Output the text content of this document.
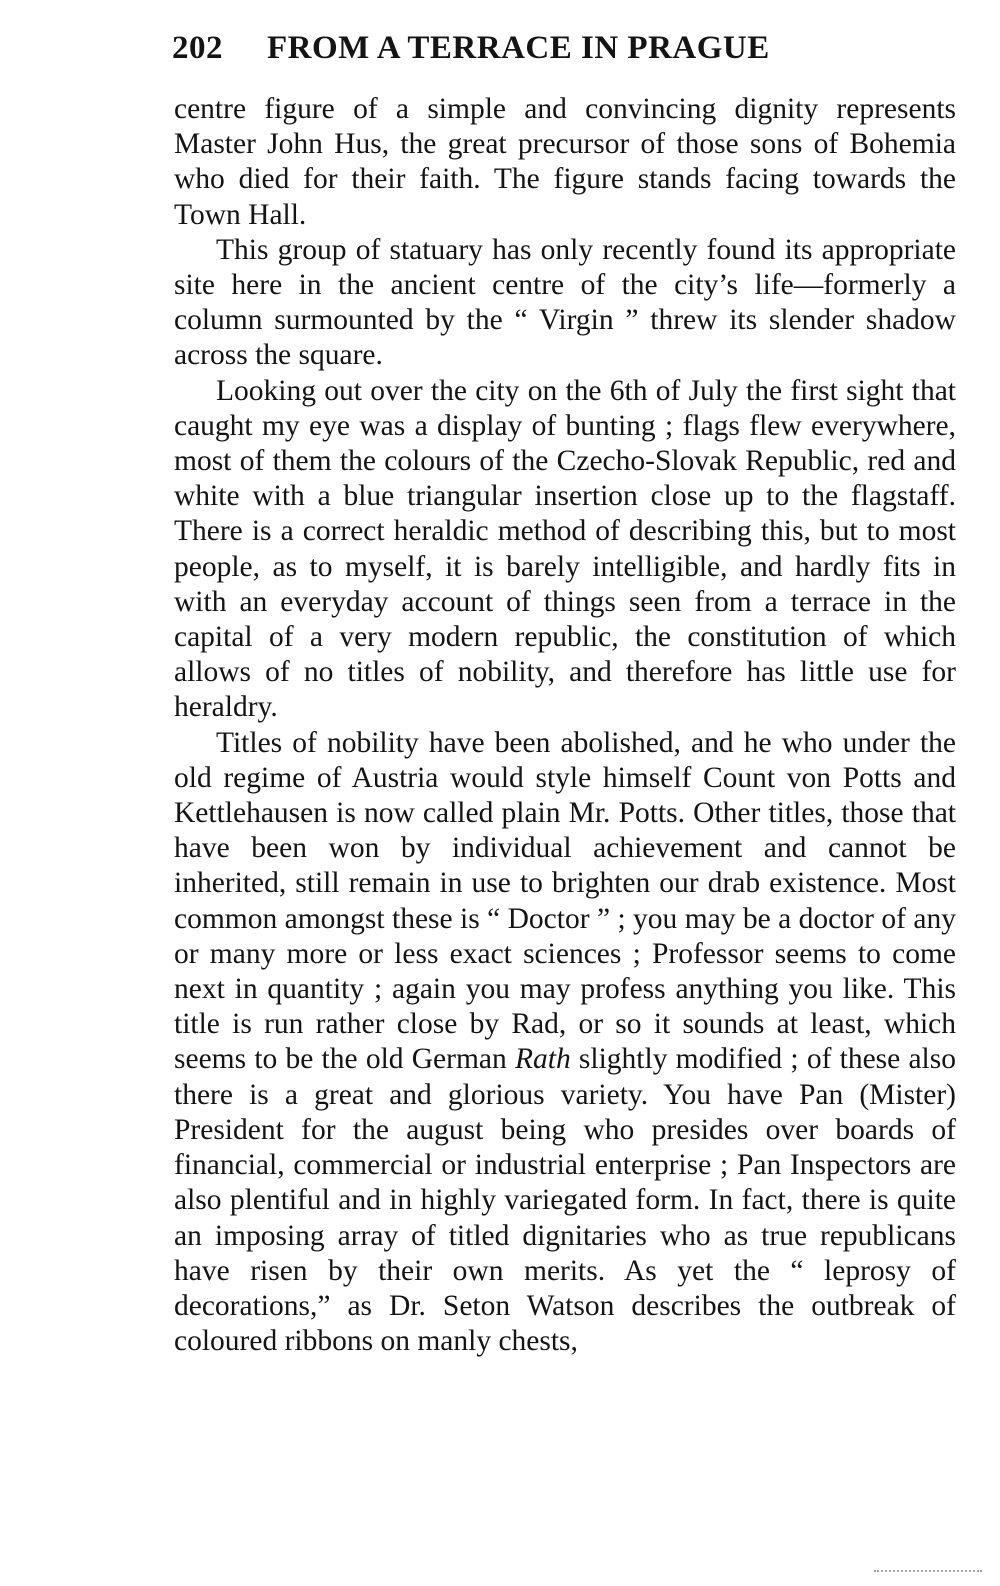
202 FROM A TERRACE IN PRAGUE

centre figure of a simple and convincing dignity represents Master John Hus, the great precursor of those sons of Bohemia who died for their faith. The figure stands facing towards the Town Hall.

This group of statuary has only recently found its appropriate site here in the ancient centre of the city’s life—formerly a column surmounted by the “ Virgin ” threw its slender shadow across the square.

Looking out over the city on the 6th of July the first sight that caught my eye was a display of bunting ; flags flew everywhere, most of them the colours of the Czecho-Slovak Republic, red and white with a blue triangular insertion close up to the flagstaff. There is a correct heraldic method of describing this, but to most people, as to myself, it is barely intelligible, and hardly fits in with an everyday account of things seen from a terrace in the capital of a very modern republic, the constitution of which allows of no titles of nobility, and therefore has little use for heraldry.

Titles of nobility have been abolished, and he who under the old regime of Austria would style himself Count von Potts and Kettlehausen is now called plain Mr. Potts. Other titles, those that have been won by individual achievement and cannot be inherited, still remain in use to brighten our drab existence. Most common amongst these is “ Doctor ” ; you may be a doctor of any or many more or less exact sciences ; Professor seems to come next in quantity ; again you may profess anything you like. This title is run rather close by Rad, or so it sounds at least, which seems to be the old German Rath slightly modified ; of these also there is a great and glorious variety. You have Pan (Mister) President for the august being who presides over boards of financial, commercial or industrial enterprise ; Pan Inspectors are also plentiful and in highly variegated form. In fact, there is quite an imposing array of titled dignitaries who as true republicans have risen by their own merits. As yet the “ leprosy of decorations,” as Dr. Seton Watson describes the outbreak of coloured ribbons on manly chests,
